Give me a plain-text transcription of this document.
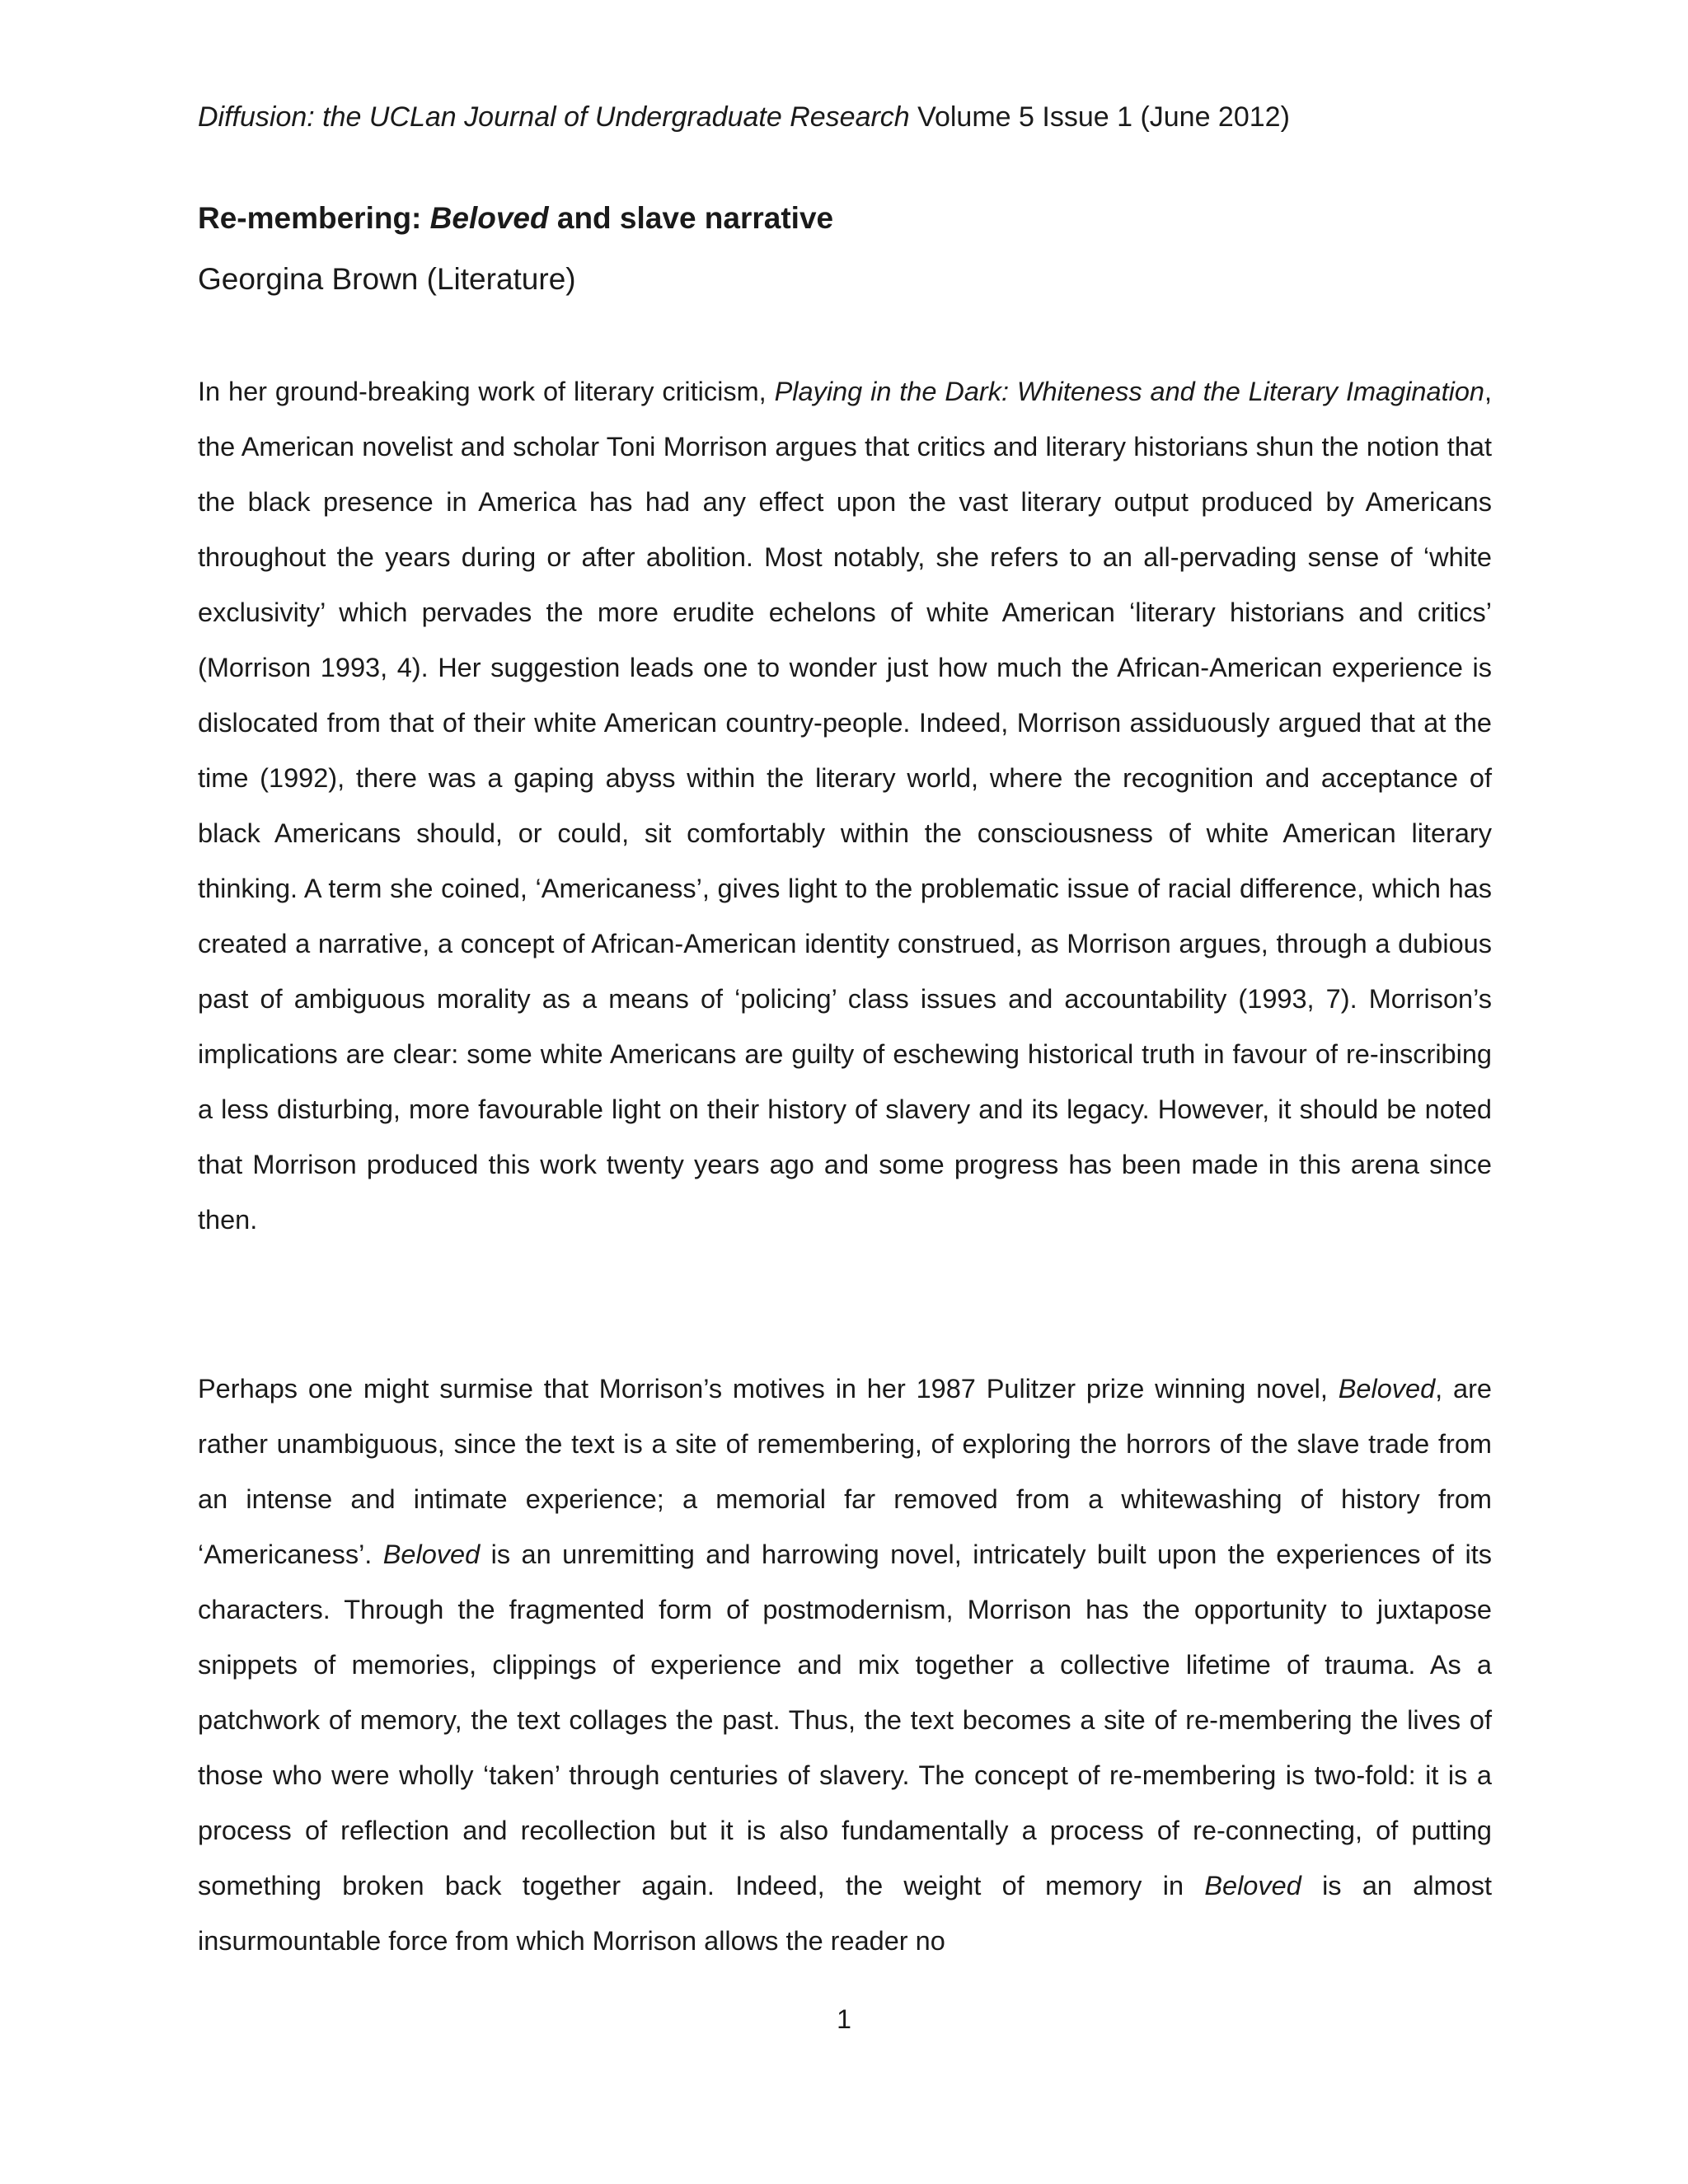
Diffusion: the UCLan Journal of Undergraduate Research Volume 5 Issue 1 (June 2012)
Re-membering: Beloved and slave narrative
Georgina Brown (Literature)

In her ground-breaking work of literary criticism, Playing in the Dark: Whiteness and the Literary Imagination, the American novelist and scholar Toni Morrison argues that critics and literary historians shun the notion that the black presence in America has had any effect upon the vast literary output produced by Americans throughout the years during or after abolition. Most notably, she refers to an all-pervading sense of ‘white exclusivity’ which pervades the more erudite echelons of white American ‘literary historians and critics’ (Morrison 1993, 4). Her suggestion leads one to wonder just how much the African-American experience is dislocated from that of their white American country-people. Indeed, Morrison assiduously argued that at the time (1992), there was a gaping abyss within the literary world, where the recognition and acceptance of black Americans should, or could, sit comfortably within the consciousness of white American literary thinking. A term she coined, ‘Americaness’, gives light to the problematic issue of racial difference, which has created a narrative, a concept of African-American identity construed, as Morrison argues, through a dubious past of ambiguous morality as a means of ‘policing’ class issues and accountability (1993, 7). Morrison’s implications are clear: some white Americans are guilty of eschewing historical truth in favour of re-inscribing a less disturbing, more favourable light on their history of slavery and its legacy. However, it should be noted that Morrison produced this work twenty years ago and some progress has been made in this arena since then.

Perhaps one might surmise that Morrison’s motives in her 1987 Pulitzer prize winning novel, Beloved, are rather unambiguous, since the text is a site of remembering, of exploring the horrors of the slave trade from an intense and intimate experience; a memorial far removed from a whitewashing of history from ‘Americaness’. Beloved is an unremitting and harrowing novel, intricately built upon the experiences of its characters. Through the fragmented form of postmodernism, Morrison has the opportunity to juxtapose snippets of memories, clippings of experience and mix together a collective lifetime of trauma. As a patchwork of memory, the text collages the past. Thus, the text becomes a site of re-membering the lives of those who were wholly ‘taken’ through centuries of slavery. The concept of re-membering is two-fold: it is a process of reflection and recollection but it is also fundamentally a process of re-connecting, of putting something broken back together again. Indeed, the weight of memory in Beloved is an almost insurmountable force from which Morrison allows the reader no

1
